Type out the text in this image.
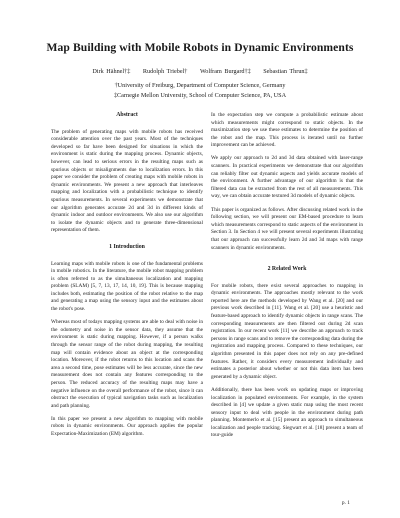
Map Building with Mobile Robots in Dynamic Environments
Dirk Hähnel†‡ Rudolph Triebel† Wolfram Burgard†‡ Sebastian Thrun‡
†University of Freiburg, Department of Computer Science, Germany
‡Carnegie Mellon University, School of Computer Science, PA, USA
Abstract

The problem of generating maps with mobile robots has received considerable attention over the past years. Most of the techniques developed so far have been designed for situations in which the environment is static during the mapping process. Dynamic objects, however, can lead to serious errors in the resulting maps such as spurious objects or misalignments due to localization errors. In this paper we consider the problem of creating maps with mobile robots in dynamic environments. We present a new approach that interleaves mapping and localization with a probabilistic technique to identify spurious measurements. In several experiments we demonstrate that our algorithm generates accurate 2d and 3d in different kinds of dynamic indoor and outdoor environments. We also use our algorithm to isolate the dynamic objects and to generate three-dimensional representation of them.

1 Introduction

Learning maps with mobile robots is one of the fundamental problems in mobile robotics. In the literature, the mobile robot mapping problem is often referred to as the simultaneous localization and mapping problem (SLAM) [5, 7, 13, 17, 14, 10, 19]. This is because mapping includes both, estimating the position of the robot relative to the map and generating a map using the sensory input and the estimates about the robot's pose.

Whereas most of todays mapping systems are able to deal with noise in the odometry and noise in the sensor data, they assume that the environment is static during mapping. However, if a person walks through the sensor range of the robot during mapping, the resulting map will contain evidence about an object at the corresponding location. Moreover, if the robot returns to this location and scans the area a second time, pose estimates will be less accurate, since the new measurement does not contain any features corresponding to the person. The reduced accuracy of the resulting maps may have a negative influence on the overall performance of the robot, since it can obstruct the execution of typical navigation tasks such as localization and path planning.

In this paper we present a new algorithm to mapping with mobile robots in dynamic environments. Our approach applies the popular Expectation-Maximization (EM) algorithm.

In the expectation step we compute a probabilistic estimate about which measurements might correspond to static objects. In the maximization step we use these estimates to determine the position of the robot and the map. This process is iterated until no further improvement can be achieved.

We apply our approach to 2d and 3d data obtained with laser-range scanners. In practical experiments we demonstrate that our algorithm can reliably filter out dynamic aspects and yields accurate models of the environment. A further advantage of our algorithm is that the filtered data can be extracted from the rest of all measurements. This way, we can obtain accurate textured 3d models of dynamic objects.

This paper is organized as follows. After discussing related work in the following section, we will present our EM-based procedure to learn which measurements correspond to static aspects of the environment in Section 3. In Section 4 we will present several experiments illustrating that our approach can successfully learn 2d and 3d maps with range scanners in dynamic environments.

2 Related Work

For mobile robots, there exist several approaches to mapping in dynamic environments. The approaches mostly relevant to the work reported here are the methods developed by Wang et al. [20] and our previous work described in [11]. Wang et al. [20] use a heuristic and feature-based approach to identify dynamic objects in range scans. The corresponding measurements are then filtered out during 2d scan registration. In our recent work [11] we describe an approach to track persons in range scans and to remove the corresponding data during the registration and mapping process. Compared to these techniques, our algorithm presented in this paper does not rely on any pre-defined features. Rather, it considers every measurement individually and estimates a posterior about whether or not this data item has been generated by a dynamic object.

Additionally, there has been work on updating maps or improving localization in populated environments. For example, in the system described in [4] we update a given static map using the most recent sensory input to deal with people in the environment during path planning. Montemerlo et al. [15] present an approach to simultaneous localization and people tracking. Siegwart et al. [18] present a team of tour-guide

p. 1
